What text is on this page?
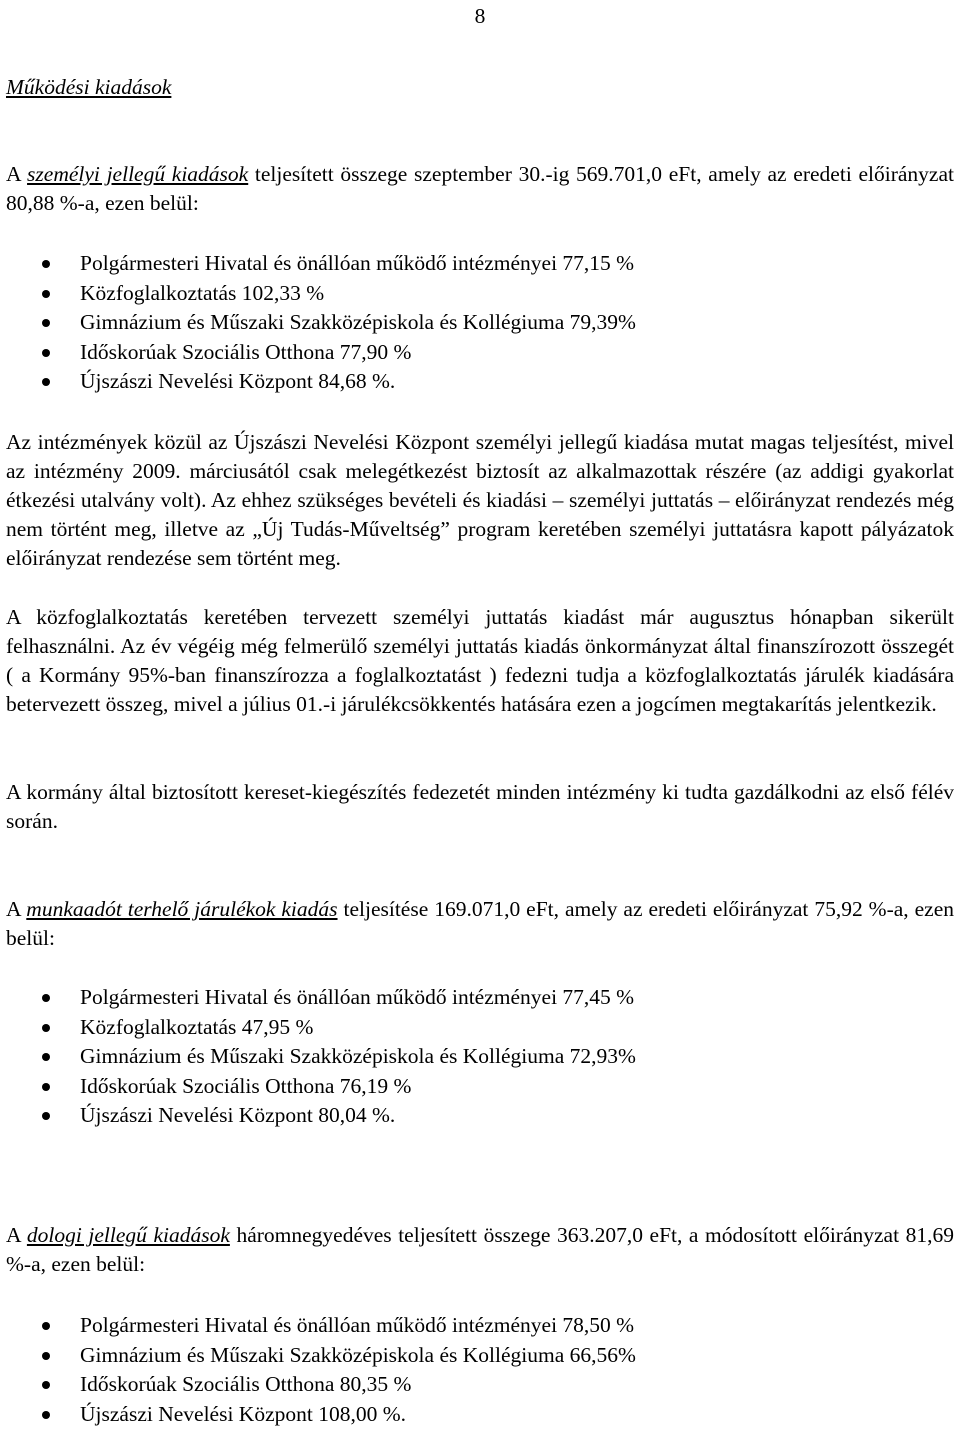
8
Működési kiadások

A személyi jellegű kiadások teljesített összege szeptember 30.-ig 569.701,0 eFt, amely az eredeti előirányzat 80,88 %-a, ezen belül:

Polgármesteri Hivatal és önállóan működő intézményei 77,15 %
Közfoglalkoztatás 102,33 %
Gimnázium és Műszaki Szakközépiskola és Kollégiuma 79,39%
Időskorúak Szociális Otthona 77,90 %
Újszászi Nevelési Központ 84,68 %.

Az intézmények közül az Újszászi Nevelési Központ személyi jellegű kiadása mutat magas teljesítést, mivel az intézmény 2009. márciusától csak melegétkezést biztosít az alkalmazottak részére (az addigi gyakorlat étkezési utalvány volt). Az ehhez szükséges bevételi és kiadási – személyi juttatás – előirányzat rendezés még nem történt meg, illetve az „Új Tudás-Műveltség” program keretében személyi juttatásra kapott pályázatok előirányzat rendezése sem történt meg.

A közfoglalkoztatás keretében tervezett személyi juttatás kiadást már augusztus hónapban sikerült felhasználni. Az év végéig még felmerülő személyi juttatás kiadás önkormányzat által finanszírozott összegét ( a Kormány 95%-ban finanszírozza a foglalkoztatást ) fedezni tudja a közfoglalkoztatás járulék kiadására betervezett összeg, mivel a július 01.-i járulékcsökkentés hatására ezen a jogcímen megtakarítás jelentkezik.

A kormány által biztosított kereset-kiegészítés fedezetét minden intézmény ki tudta gazdálkodni az első félév során.

A munkaadót terhelő járulékok kiadás teljesítése 169.071,0 eFt, amely az eredeti előirányzat 75,92 %-a, ezen belül:

Polgármesteri Hivatal és önállóan működő intézményei 77,45 %
Közfoglalkoztatás 47,95 %
Gimnázium és Műszaki Szakközépiskola és Kollégiuma 72,93%
Időskorúak Szociális Otthona 76,19 %
Újszászi Nevelési Központ 80,04 %.

A dologi jellegű kiadások háromnegyedéves teljesített összege 363.207,0 eFt, a módosított előirányzat 81,69 %-a, ezen belül:

Polgármesteri Hivatal és önállóan működő intézményei 78,50 %
Gimnázium és Műszaki Szakközépiskola és Kollégiuma 66,56%
Időskorúak Szociális Otthona 80,35 %
Újszászi Nevelési Központ 108,00 %.
